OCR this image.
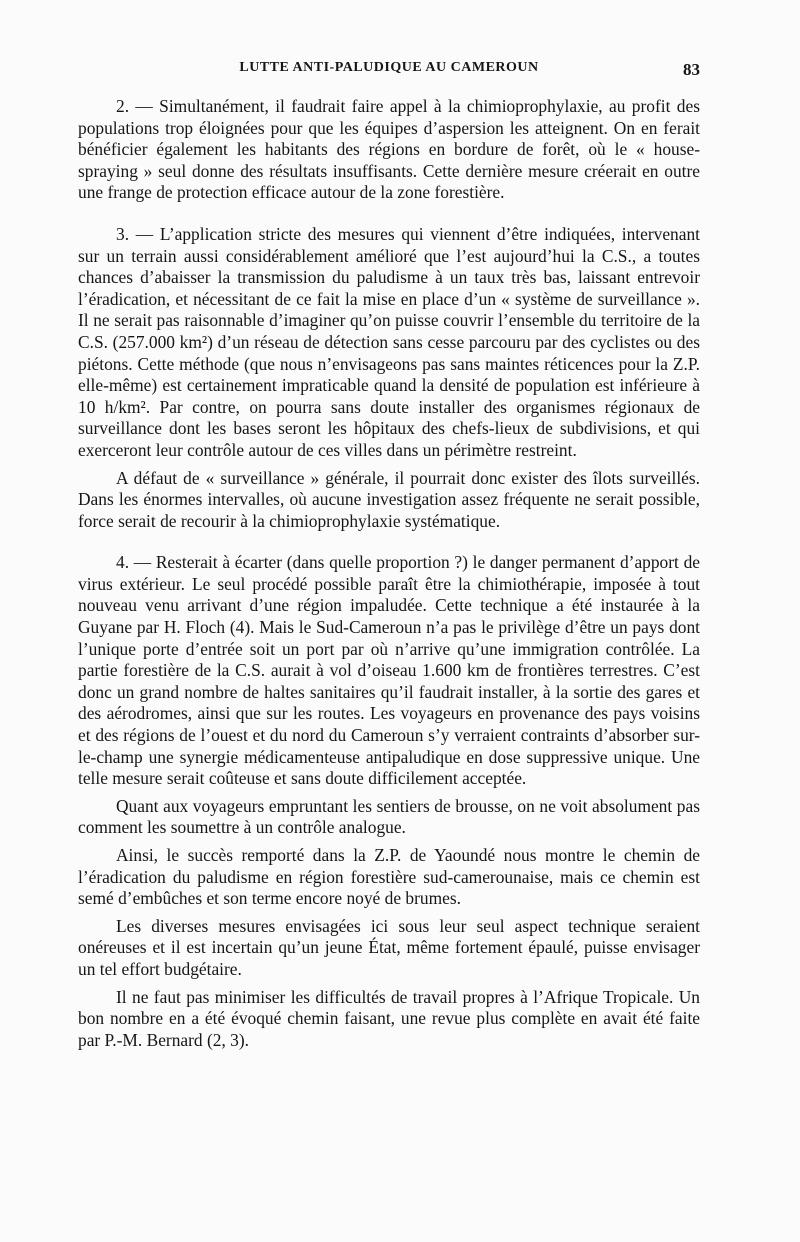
LUTTE ANTI-PALUDIQUE AU CAMEROUN	83

2. — Simultanément, il faudrait faire appel à la chimioprophylaxie, au profit des populations trop éloignées pour que les équipes d’aspersion les atteignent. On en ferait bénéficier également les habitants des régions en bordure de forêt, où le « house-spraying » seul donne des résultats insuffisants. Cette dernière mesure créerait en outre une frange de protection efficace autour de la zone forestière.

3. — L’application stricte des mesures qui viennent d’être indiquées, intervenant sur un terrain aussi considérablement amélioré que l’est aujourd’hui la C.S., a toutes chances d’abaisser la transmission du paludisme à un taux très bas, laissant entrevoir l’éradication, et nécessitant de ce fait la mise en place d’un « système de surveillance ». Il ne serait pas raisonnable d’imaginer qu’on puisse couvrir l’ensemble du territoire de la C.S. (257.000 km²) d’un réseau de détection sans cesse parcouru par des cyclistes ou des piétons. Cette méthode (que nous n’envisageons pas sans maintes réticences pour la Z.P. elle-même) est certainement impraticable quand la densité de population est inférieure à 10 h/km². Par contre, on pourra sans doute installer des organismes régionaux de surveillance dont les bases seront les hôpitaux des chefs-lieux de subdivisions, et qui exerceront leur contrôle autour de ces villes dans un périmètre restreint.

A défaut de « surveillance » générale, il pourrait donc exister des îlots surveillés. Dans les énormes intervalles, où aucune investigation assez fréquente ne serait possible, force serait de recourir à la chimioprophylaxie systématique.

4. — Resterait à écarter (dans quelle proportion ?) le danger permanent d’apport de virus extérieur. Le seul procédé possible paraît être la chimiothérapie, imposée à tout nouveau venu arrivant d’une région impaludée. Cette technique a été instaurée à la Guyane par H. Floch (4). Mais le Sud-Cameroun n’a pas le privilège d’être un pays dont l’unique porte d’entrée soit un port par où n’arrive qu’une immigration contrôlée. La partie forestière de la C.S. aurait à vol d’oiseau 1.600 km de frontières terrestres. C’est donc un grand nombre de haltes sanitaires qu’il faudrait installer, à la sortie des gares et des aérodromes, ainsi que sur les routes. Les voyageurs en provenance des pays voisins et des régions de l’ouest et du nord du Cameroun s’y verraient contraints d’absorber sur-le-champ une synergie médicamenteuse antipaludique en dose suppressive unique. Une telle mesure serait coûteuse et sans doute difficilement acceptée.

Quant aux voyageurs empruntant les sentiers de brousse, on ne voit absolument pas comment les soumettre à un contrôle analogue.

Ainsi, le succès remporté dans la Z.P. de Yaoundé nous montre le chemin de l’éradication du paludisme en région forestière sud-camerounaise, mais ce chemin est semé d’embûches et son terme encore noyé de brumes.

Les diverses mesures envisagées ici sous leur seul aspect technique seraient onéreuses et il est incertain qu’un jeune État, même fortement épaulé, puisse envisager un tel effort budgétaire.

Il ne faut pas minimiser les difficultés de travail propres à l’Afrique Tropicale. Un bon nombre en a été évoqué chemin faisant, une revue plus complète en avait été faite par P.-M. Bernard (2, 3).
